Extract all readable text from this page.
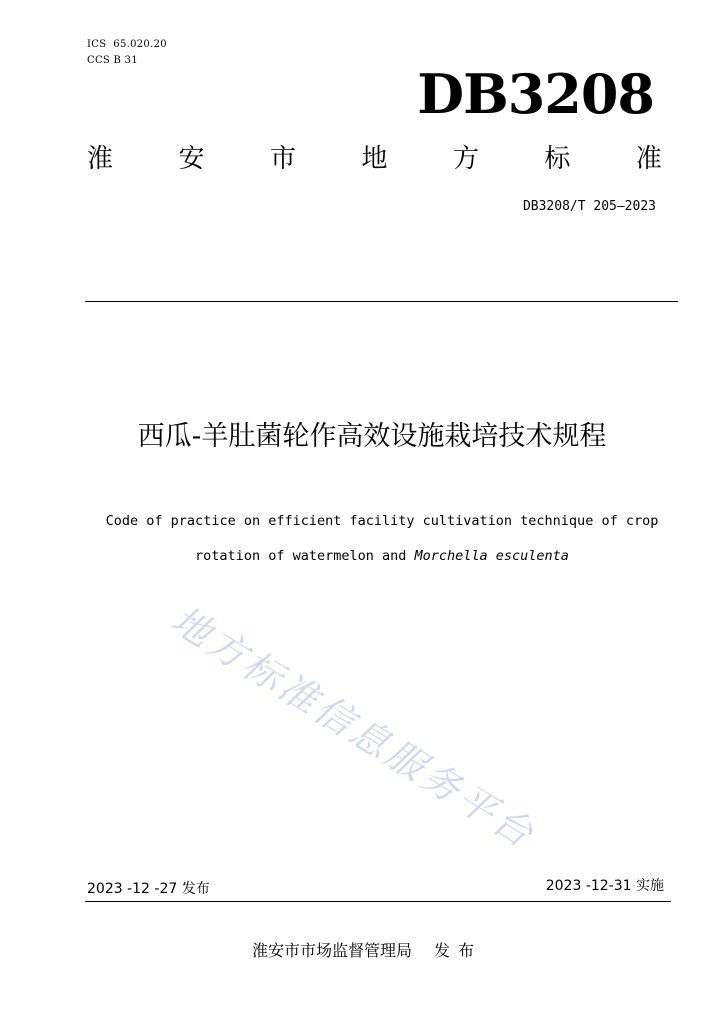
ICS  65.020.20
CCS B 31
DB3208
淮	安	市	地	方	标	准
DB3208/T 205—2023
西瓜-羊肚菌轮作高效设施栽培技术规程
Code of practice on efficient facility cultivation technique of crop
rotation of watermelon and Morchella esculenta
地方标准信息服务平台
2023 -12 -27 发布	2023 -12-31 实施
淮安市市场监督管理局 发布
